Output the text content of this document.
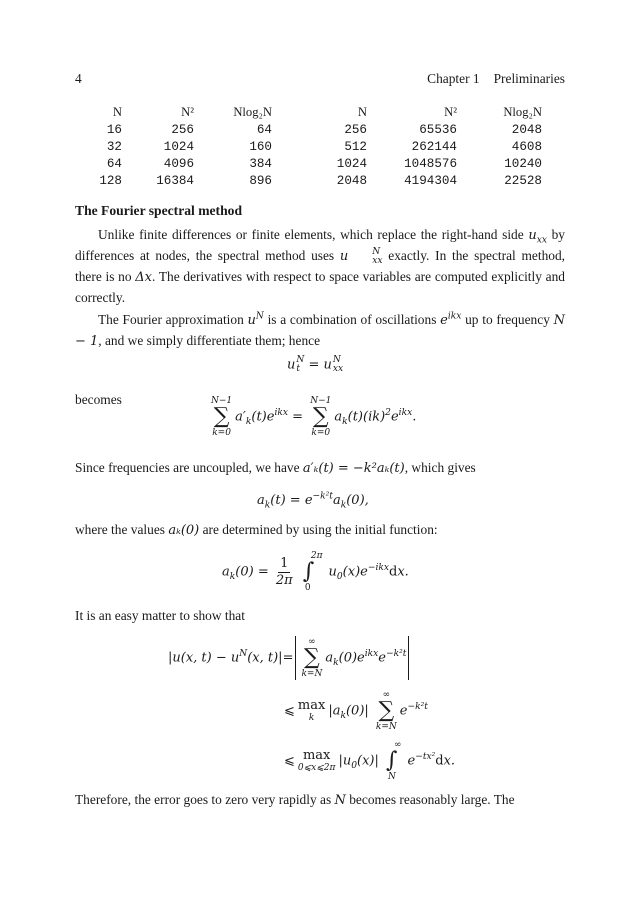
4	Chapter 1 Preliminaries
N	N²	Nlog₂N	N	N²	Nlog₂N
16	256	64	256	65536	2048
32	1024	160	512	262144	4608
64	4096	384	1024	1048576	10240
128	16384	896	2048	4194304	22528
The Fourier spectral method
Unlike finite differences or finite elements, which replace the right-hand side $u_{xx}$ by differences at nodes, the spectral method uses u	N
xx exactly. In the spectral method, there is no Δx. The derivatives with respect to space variables are computed explicitly and correctly.
The Fourier approximation $u^N$ is a combination of oscillations $e^{ikx}$ up to frequency N − 1, and we simply differentiate them; hence
u N
t = u N
xx
becomes	N−1
∑
k=0
$a'_k(t)e^{ikx}$ =
N−1
∑
k=0
$a_k(t)(ik)^2e^{ikx}$.
Since frequencies are uncoupled, we have a′ₖ(t) = −k²aₖ(t), which gives
$a_k(t) = e^{-k^2t}a_k(0)$,
where the values aₖ(0) are determined by using the initial function:
$a_k(0) = \frac{1}{2\pi}$
	2π
∫
0
$u_0(x)e^{-ikx}dx$.
It is an easy matter to show that
|u(x, $t) - u^N(x$, t)|=
∞
∑
k=N
$a_k(0)e^{ikx}e^{-k^2t}$
⩽ max
k $|a_k(0)|$
∞
∑
k=N
$e^{-k^2t}$
⩽ max
0⩽x⩽2π $|u_0(x)|$
∞
∫
N
$e^{-tx^2}dx$.
Therefore, the error goes to zero very rapidly as N becomes reasonably large. The
